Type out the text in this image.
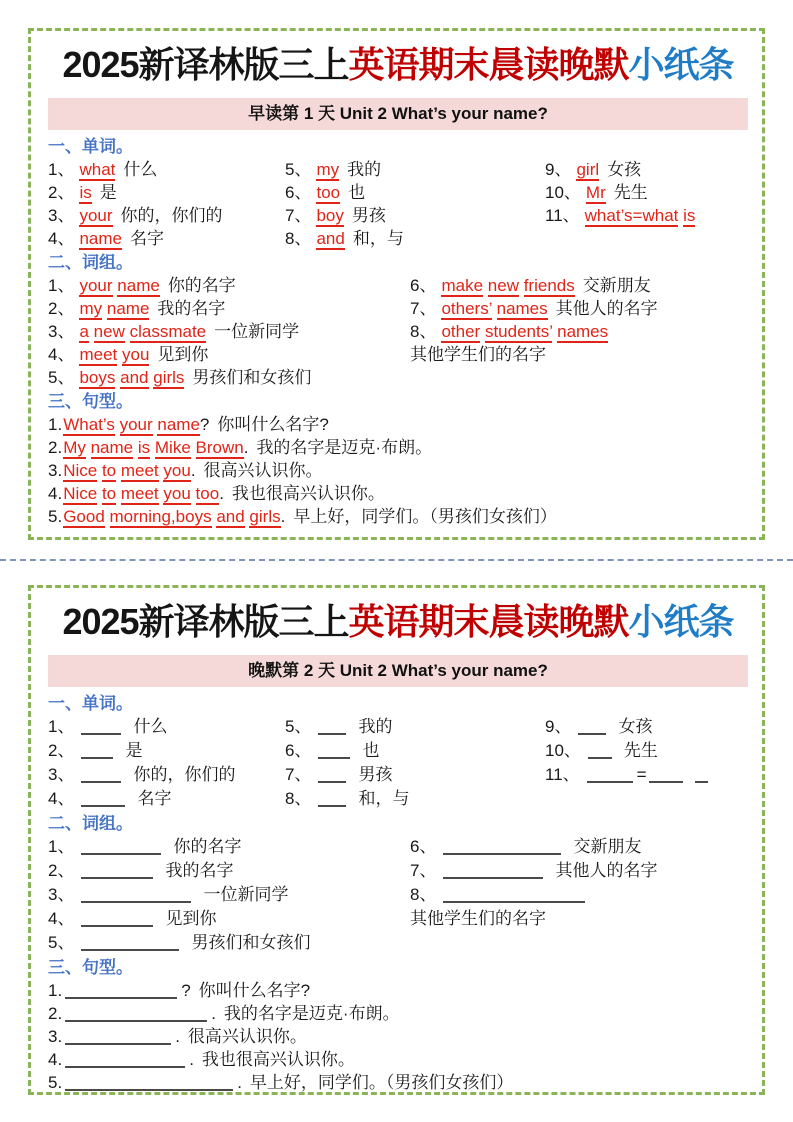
2025新译林版三上英语期末晨读晚默小纸条
早读第 1 天 Unit 2 What’s your name?
一、单词。
1、 what 什么
2、 is 是
3、 your 你的，你们的
4、 name 名字
5、 my 我的
6、 too 也
7、 boy 男孩
8、 and 和，与
9、 girl 女孩
10、 Mr 先生
11、 what’s=what is
二、词组。
1、 your name 你的名字
2、 my name 我的名字
3、 a new classmate 一位新同学
4、 meet you 见到你
5、 boys and girls 男孩们和女孩们
6、 make new friends 交新朋友
7、 others’ names 其他人的名字
8、 other students’ names
其他学生们的名字
三、句型。
1.What’s your name? 你叫什么名字?
2.My name is Mike Brown. 我的名字是迈克·布朗。
3.Nice to meet you. 很高兴认识你。
4.Nice to meet you too. 我也很高兴认识你。
5.Good morning,boys and girls. 早上好，同学们。（男孩们女孩们）
2025新译林版三上英语期末晨读晚默小纸条
晚默第 2 天 Unit 2 What’s your name?
一、单词。
1、	什么
2、	是
3、	你的，你们的
4、	名字
5、	我的
6、	也
7、	男孩
8、	和，与
9、	女孩
10、	先生
11、	=
二、词组。
1、	你的名字
2、	我的名字
3、	一位新同学
4、	见到你
5、	男孩们和女孩们
6、	交新朋友
7、	其他人的名字
8、
其他学生们的名字
三、句型。
1.	? 你叫什么名字?
2.	. 我的名字是迈克·布朗。
3.	. 很高兴认识你。
4.	. 我也很高兴认识你。
5.	. 早上好，同学们。（男孩们女孩们）
